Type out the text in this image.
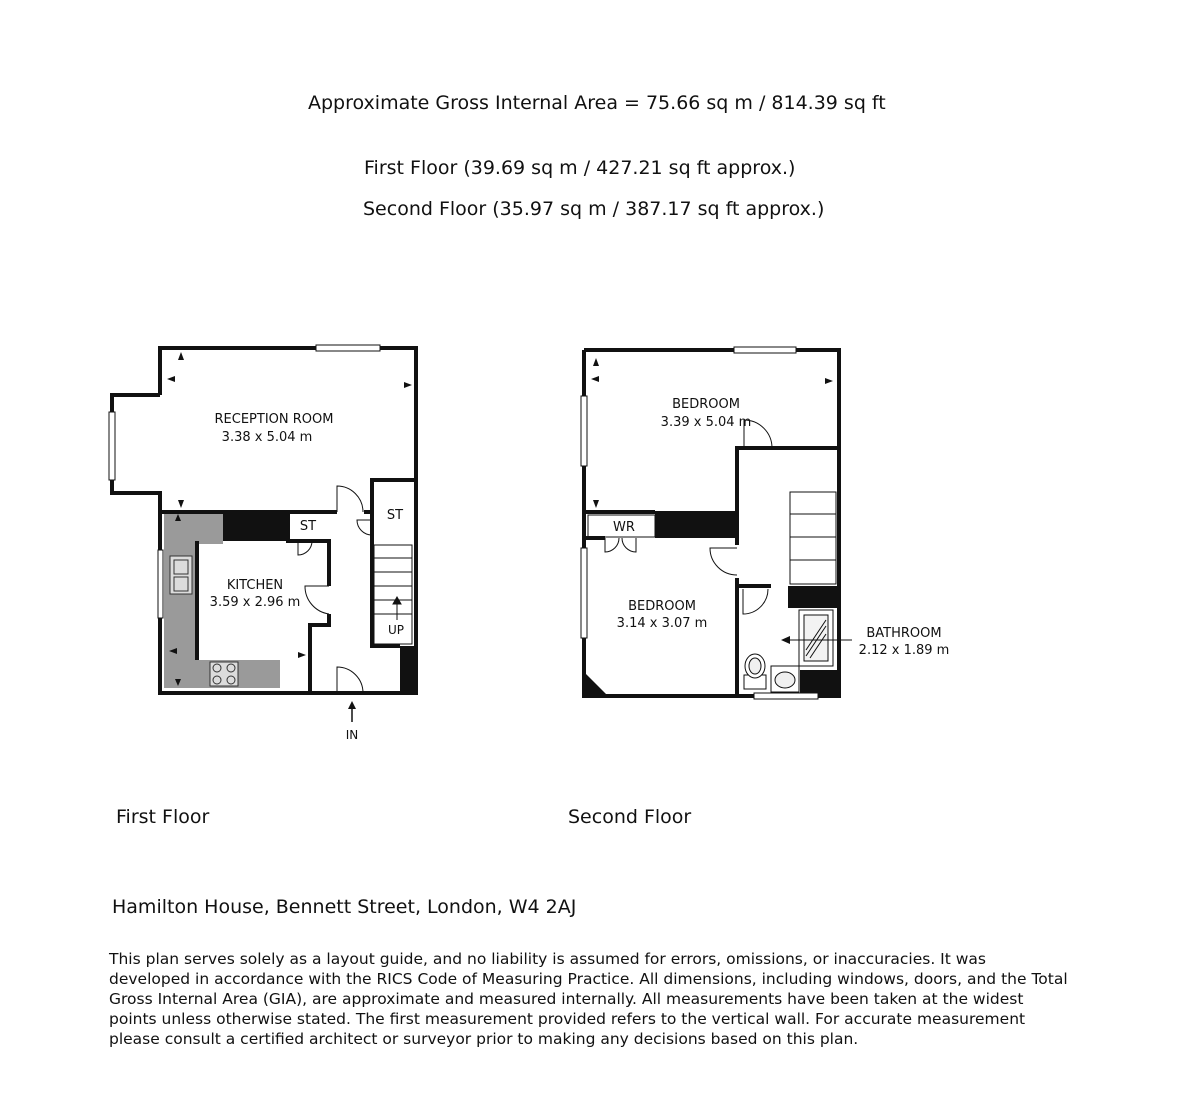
Approximate Gross Internal Area = 75.66 sq m / 814.39 sq ft
First Floor (39.69 sq m / 427.21 sq ft approx.)
Second Floor (35.97 sq m / 387.17 sq ft approx.)
RECEPTION ROOM
3.38 x 5.04 m
KITCHEN
3.59 x 2.96 m
ST
ST
UP
IN
BEDROOM
3.39 x 5.04 m
BEDROOM
3.14 x 3.07 m
WR
BATHROOM
2.12 x 1.89 m
First Floor	Second Floor
Hamilton House, Bennett Street, London, W4 2AJ
This plan serves solely as a layout guide, and no liability is assumed for errors, omissions, or inaccuracies. It was developed in accordance with the RICS Code of Measuring Practice. All dimensions, including windows, doors, and the Total Gross Internal Area (GIA), are approximate and measured internally. All measurements have been taken at the widest points unless otherwise stated. The first measurement provided refers to the vertical wall. For accurate measurement please consult a certified architect or surveyor prior to making any decisions based on this plan.
